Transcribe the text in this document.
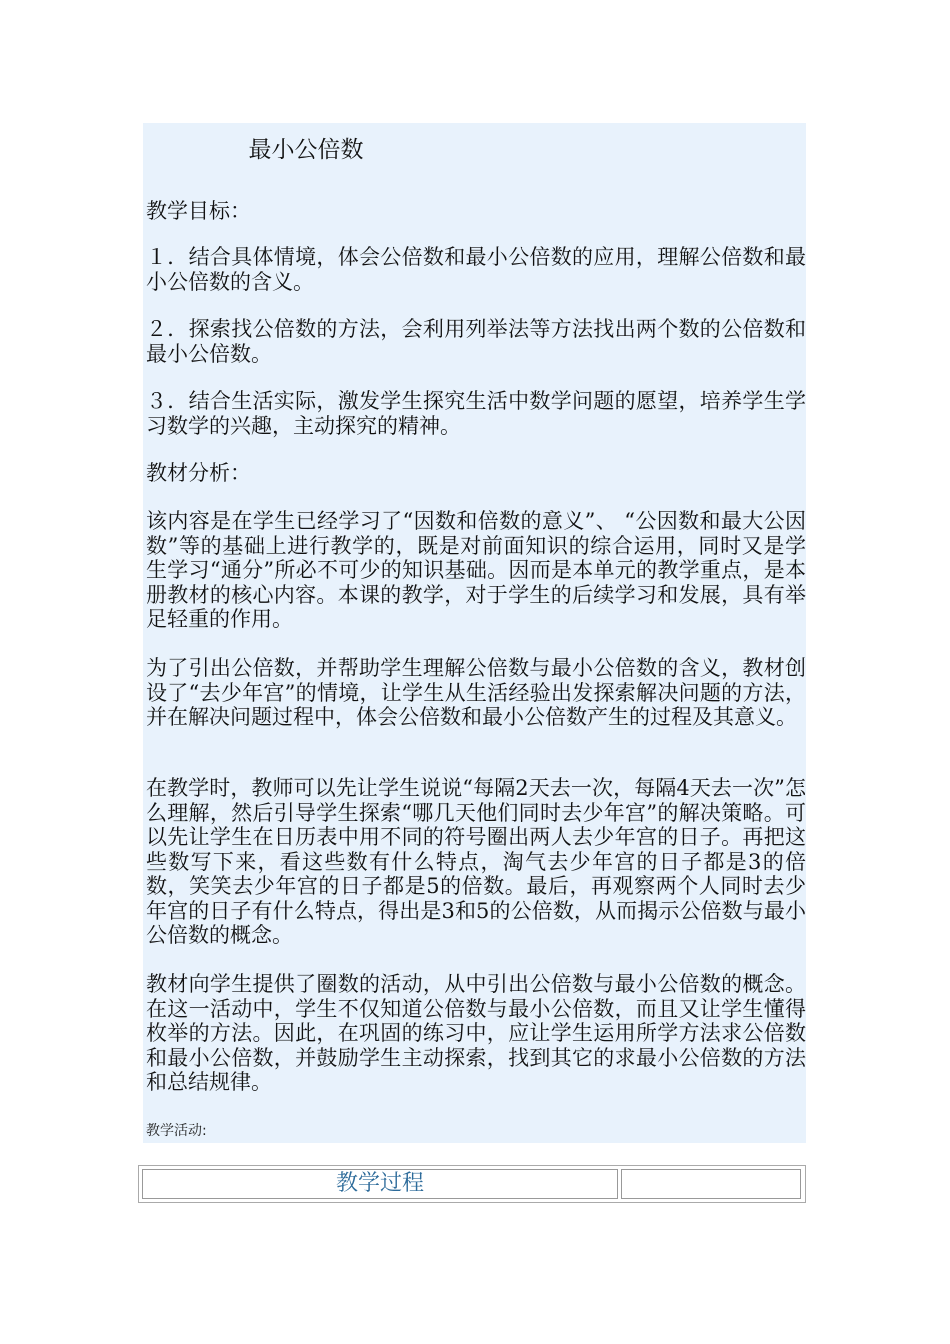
最小公倍数

教学目标：

１．结合具体情境，体会公倍数和最小公倍数的应用，理解公倍数和最小公倍数的含义。

２．探索找公倍数的方法，会利用列举法等方法找出两个数的公倍数和最小公倍数。

３．结合生活实际，激发学生探究生活中数学问题的愿望，培养学生学习数学的兴趣，主动探究的精神。

教材分析：

该内容是在学生已经学习了“因数和倍数的意义”、 “公因数和最大公因数”等的基础上进行教学的，既是对前面知识的综合运用，同时又是学生学习“通分”所必不可少的知识基础。因而是本单元的教学重点，是本册教材的核心内容。本课的教学，对于学生的后续学习和发展，具有举足轻重的作用。

为了引出公倍数，并帮助学生理解公倍数与最小公倍数的含义，教材创设了“去少年宫”的情境，让学生从生活经验出发探索解决问题的方法，并在解决问题过程中，体会公倍数和最小公倍数产生的过程及其意义。

在教学时，教师可以先让学生说说“每隔2天去一次，每隔4天去一次”怎么理解，然后引导学生探索“哪几天他们同时去少年宫”的解决策略。可以先让学生在日历表中用不同的符号圈出两人去少年宫的日子。再把这些数写下来，看这些数有什么特点，淘气去少年宫的日子都是3的倍数，笑笑去少年宫的日子都是5的倍数。最后，再观察两个人同时去少年宫的日子有什么特点，得出是3和5的公倍数，从而揭示公倍数与最小公倍数的概念。

教材向学生提供了圈数的活动，从中引出公倍数与最小公倍数的概念。在这一活动中，学生不仅知道公倍数与最小公倍数，而且又让学生懂得枚举的方法。因此，在巩固的练习中，应让学生运用所学方法求公倍数和最小公倍数，并鼓励学生主动探索，找到其它的求最小公倍数的方法和总结规律。

教学活动:
教学过程
